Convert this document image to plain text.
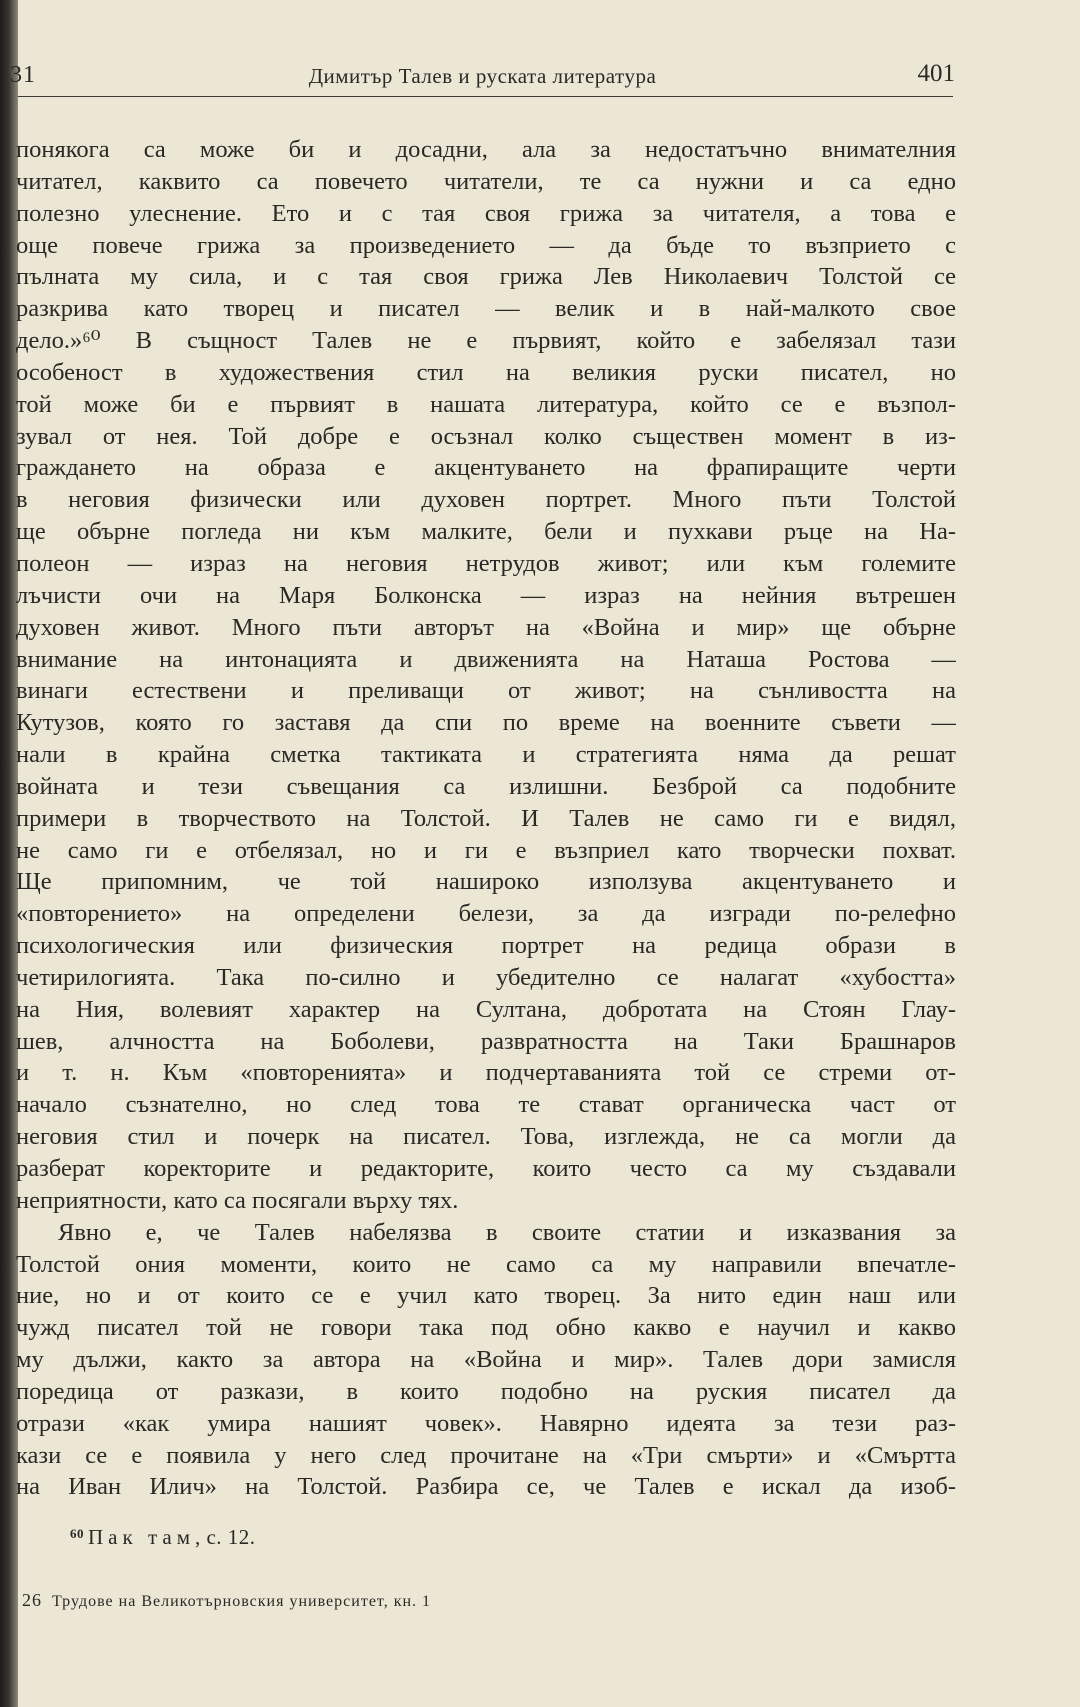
31	Димитър Талев и руската литература	401
понякога са може би и досадни, ала за недостатъчно внимателния
читател, каквито са повечето читатели, те са нужни и са едно
полезно улеснение. Ето и с тая своя грижа за читателя, а това е
още повече грижа за произведението — да бъде то възприето с
пълната му сила, и с тая своя грижа Лев Николаевич Толстой се
разкрива като творец и писател — велик и в най-малкото свое
дело.»⁶⁰ В същност Талев не е първият, който е забелязал тази
особеност в художествения стил на великия руски писател, но
той може би е първият в нашата литература, който се е възпол-
зувал от нея. Той добре е осъзнал колко съществен момент в из-
граждането на образа е акцентуването на фрапиращите черти
в неговия физически или духовен портрет. Много пъти Толстой
ще обърне погледа ни към малките, бели и пухкави ръце на На-
полеон — израз на неговия нетрудов живот; или към големите
лъчисти очи на Маря Болконска — израз на нейния вътрешен
духовен живот. Много пъти авторът на «Война и мир» ще обърне
внимание на интонацията и движенията на Наташа Ростова —
винаги естествени и преливащи от живот; на сънливостта на
Кутузов, която го заставя да спи по време на военните съвети —
нали в крайна сметка тактиката и стратегията няма да решат
войната и тези съвещания са излишни. Безброй са подобните
примери в творчеството на Толстой. И Талев не само ги е видял,
не само ги е отбелязал, но и ги е възприел като творчески похват.
Ще припомним, че той нашироко използува акцентуването и
«повторението» на определени белези, за да изгради по-релефно
психологическия или физическия портрет на редица образи в
четирилогията. Така по-силно и убедително се налагат «хубостта»
на Ния, волевият характер на Султана, добротата на Стоян Глау-
шев, алчността на Боболеви, развратността на Таки Брашнаров
и т. н. Към «повторенията» и подчертаванията той се стреми от-
начало съзнателно, но след това те стават органическа част от
неговия стил и почерк на писател. Това, изглежда, не са могли да
разберат коректорите и редакторите, които често са му създавали
неприятности, като са посягали върху тях.
Явно е, че Талев набелязва в своите статии и изказвания за
Толстой ония моменти, които не само са му направили впечатле-
ние, но и от които се е учил като творец. За нито един наш или
чужд писател той не говори така под обно какво е научил и какво
му дължи, както за автора на «Война и мир». Талев дори замисля
поредица от разкази, в които подобно на руския писател да
отрази «как умира нашият човек». Навярно идеята за тези раз-
кази се е появила у него след прочитане на «Три смърти» и «Смъртта
на Иван Илич» на Толстой. Разбира се, че Талев е искал да изоб-
$^{60}$ Пак там, с. 12.
26 Трудове на Великотърновския университет, кн. 1
